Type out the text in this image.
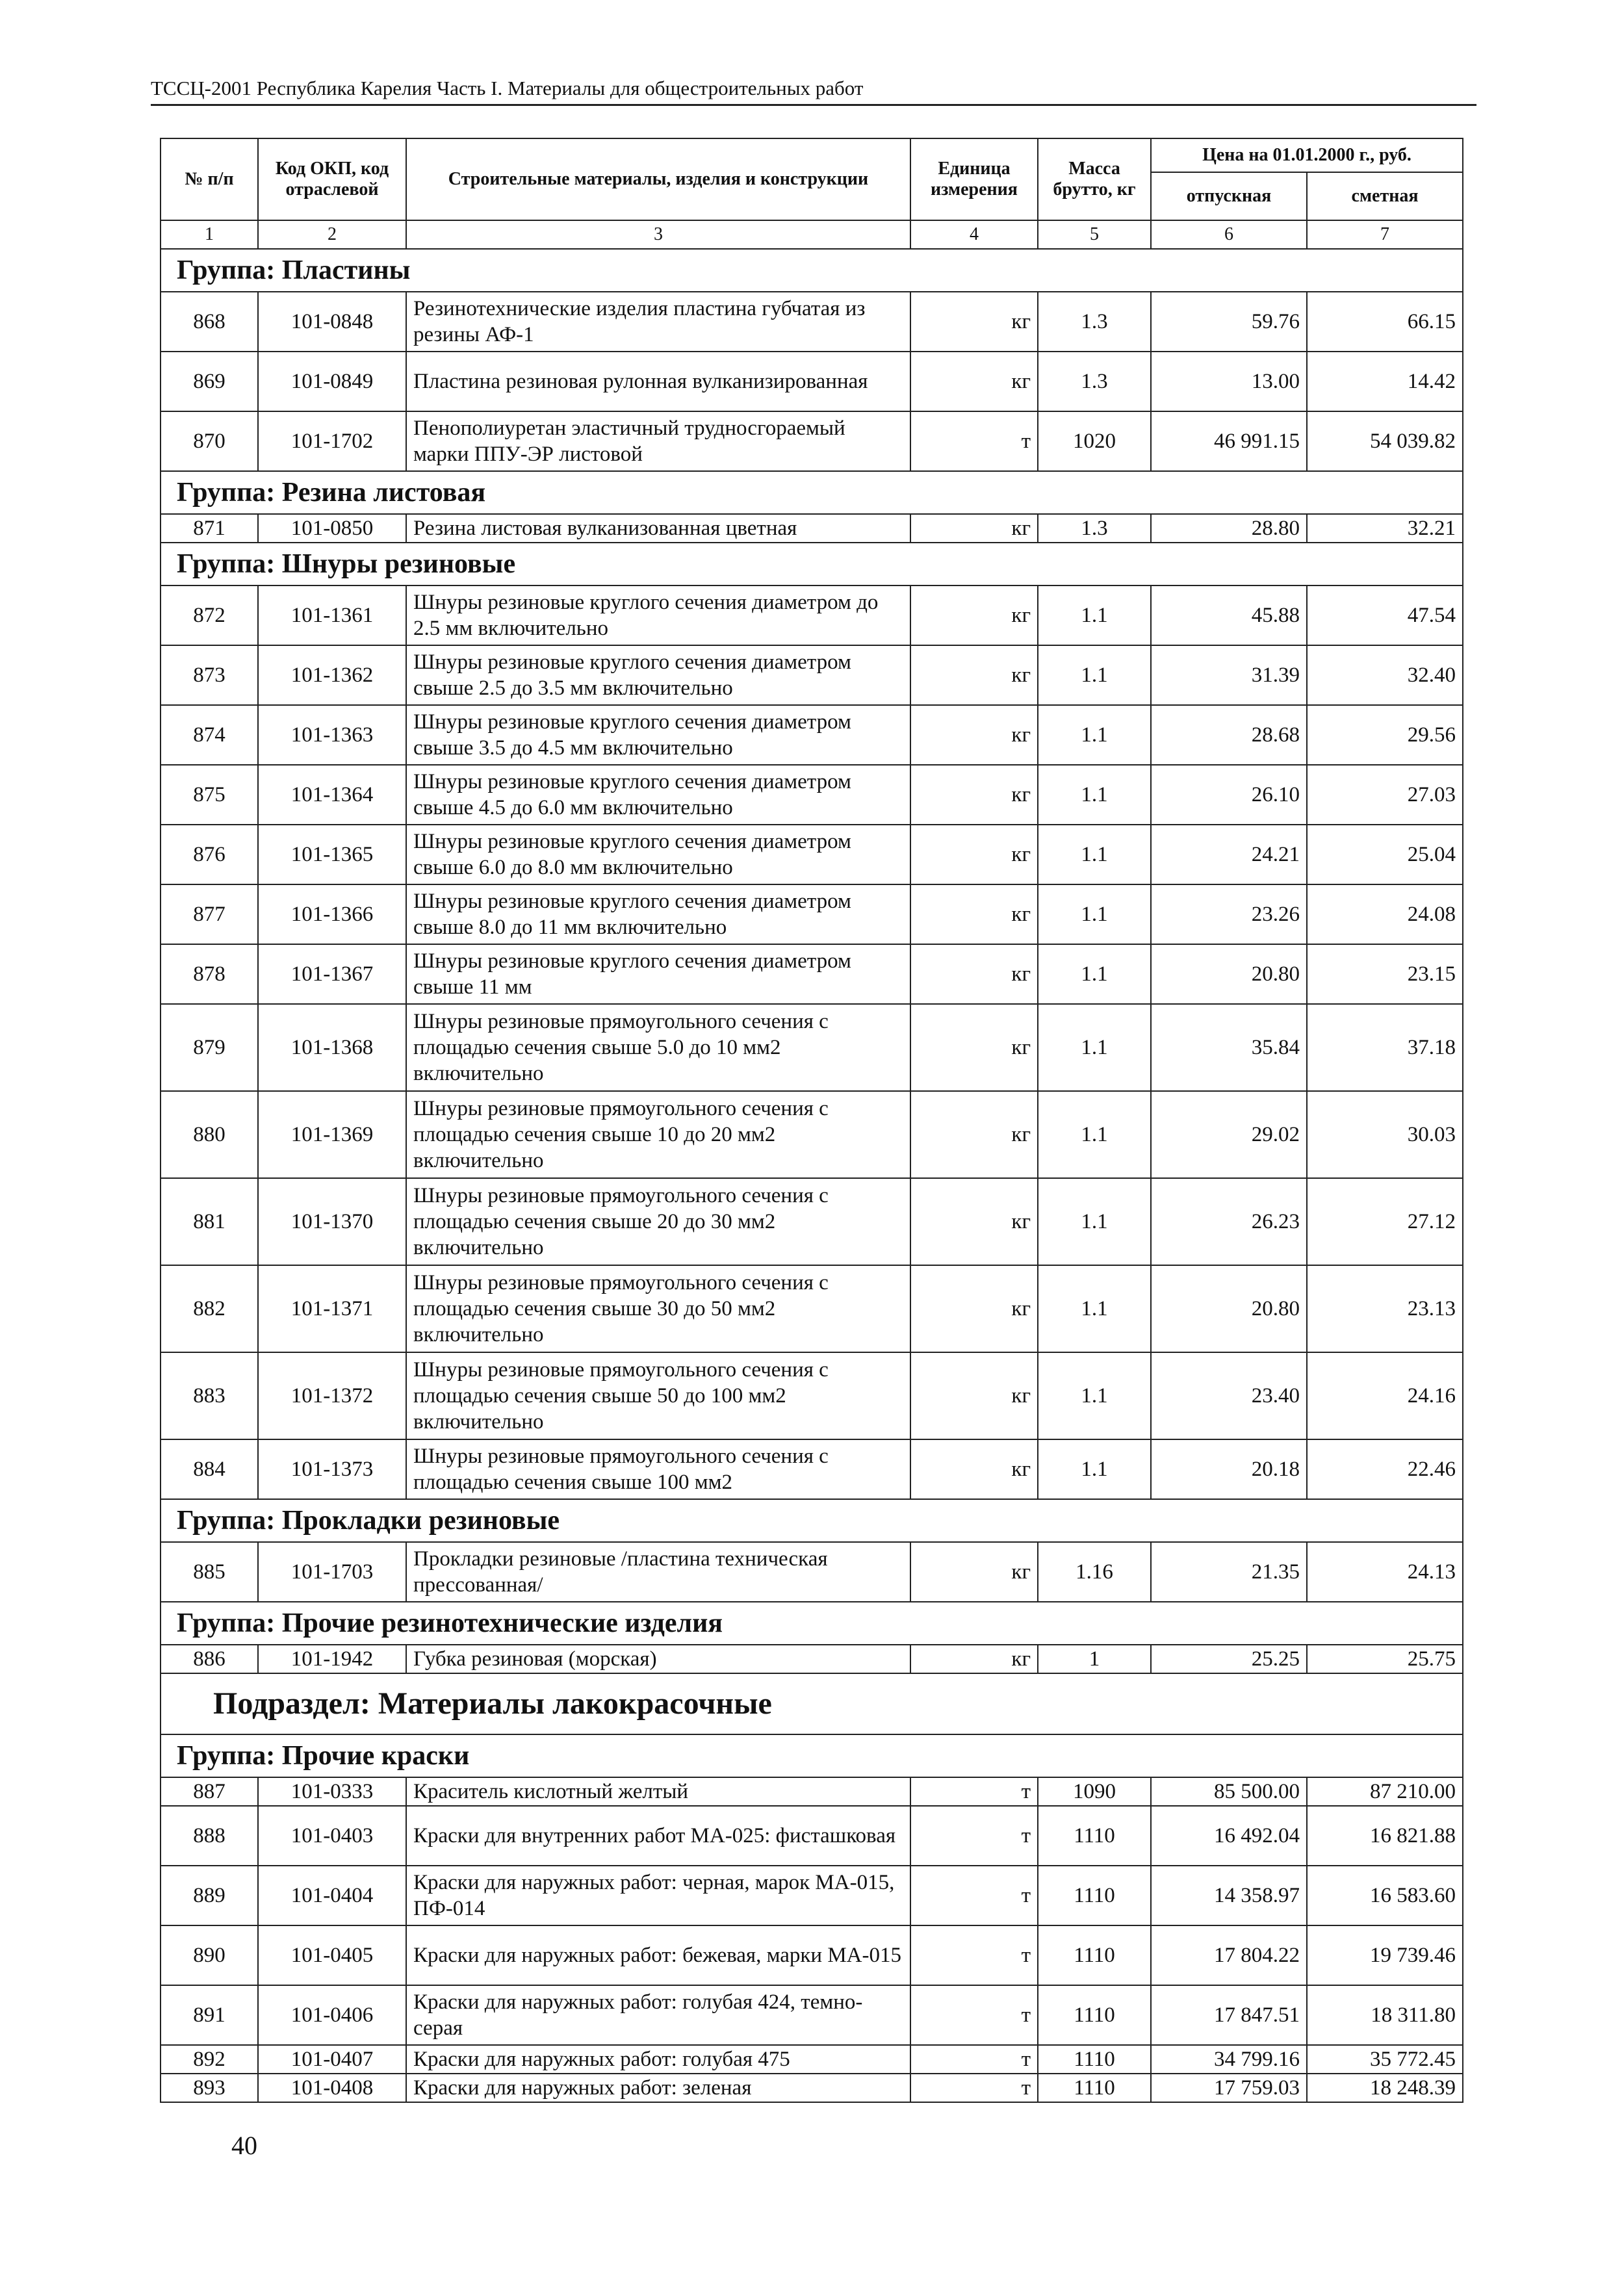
ТССЦ-2001 Республика Карелия Часть I. Материалы для общестроительных работ
№ п/п	Код ОКП, код отраслевой	Строительные материалы, изделия и конструкции	Единица измерения	Масса брутто, кг	Цена на 01.01.2000 г., руб.	
					отпускная	сметная
1	2	3	4	5	6	7
Группа: Пластины						
868	101-0848	Резинотехнические изделия пластина губчатая из резины АФ-1	кг	1.3	59.76	66.15
869	101-0849	Пластина резиновая рулонная вулканизированная	кг	1.3	13.00	14.42
870	101-1702	Пенополиуретан эластичный трудносгораемый марки ППУ-ЭР листовой	т	1020	46 991.15	54 039.82
Группа: Резина листовая						
871	101-0850	Резина листовая вулканизованная цветная	кг	1.3	28.80	32.21
Группа: Шнуры резиновые						
872	101-1361	Шнуры резиновые круглого сечения диаметром до 2.5 мм включительно	кг	1.1	45.88	47.54
873	101-1362	Шнуры резиновые круглого сечения диаметром свыше 2.5 до 3.5 мм включительно	кг	1.1	31.39	32.40
874	101-1363	Шнуры резиновые круглого сечения диаметром свыше 3.5 до 4.5 мм включительно	кг	1.1	28.68	29.56
875	101-1364	Шнуры резиновые круглого сечения диаметром свыше 4.5 до 6.0 мм включительно	кг	1.1	26.10	27.03
876	101-1365	Шнуры резиновые круглого сечения диаметром свыше 6.0 до 8.0 мм включительно	кг	1.1	24.21	25.04
877	101-1366	Шнуры резиновые круглого сечения диаметром свыше 8.0 до 11 мм включительно	кг	1.1	23.26	24.08
878	101-1367	Шнуры резиновые круглого сечения диаметром свыше 11 мм	кг	1.1	20.80	23.15
879	101-1368	Шнуры резиновые прямоугольного сечения с площадью сечения свыше 5.0 до 10 мм2 включительно	кг	1.1	35.84	37.18
880	101-1369	Шнуры резиновые прямоугольного сечения с площадью сечения свыше 10 до 20 мм2 включительно	кг	1.1	29.02	30.03
881	101-1370	Шнуры резиновые прямоугольного сечения с площадью сечения свыше 20 до 30 мм2 включительно	кг	1.1	26.23	27.12
882	101-1371	Шнуры резиновые прямоугольного сечения с площадью сечения свыше 30 до 50 мм2 включительно	кг	1.1	20.80	23.13
883	101-1372	Шнуры резиновые прямоугольного сечения с площадью сечения свыше 50 до 100 мм2 включительно	кг	1.1	23.40	24.16
884	101-1373	Шнуры резиновые прямоугольного сечения с площадью сечения свыше 100 мм2	кг	1.1	20.18	22.46
Группа: Прокладки резиновые						
885	101-1703	Прокладки резиновые /пластина техническая прессованная/	кг	1.16	21.35	24.13
Группа: Прочие резинотехнические изделия						
886	101-1942	Губка резиновая (морская)	кг	1	25.25	25.75
Подраздел: Материалы лакокрасочные						
Группа: Прочие краски						
887	101-0333	Краситель кислотный желтый	т	1090	85 500.00	87 210.00
888	101-0403	Краски для внутренних работ МА-025: фисташковая	т	1110	16 492.04	16 821.88
889	101-0404	Краски для наружных работ: черная, марок МА-015, ПФ-014	т	1110	14 358.97	16 583.60
890	101-0405	Краски для наружных работ: бежевая, марки МА-015	т	1110	17 804.22	19 739.46
891	101-0406	Краски для наружных работ: голубая 424, темно-серая	т	1110	17 847.51	18 311.80
892	101-0407	Краски для наружных работ: голубая 475	т	1110	34 799.16	35 772.45
893	101-0408	Краски для наружных работ: зеленая	т	1110	17 759.03	18 248.39
40
